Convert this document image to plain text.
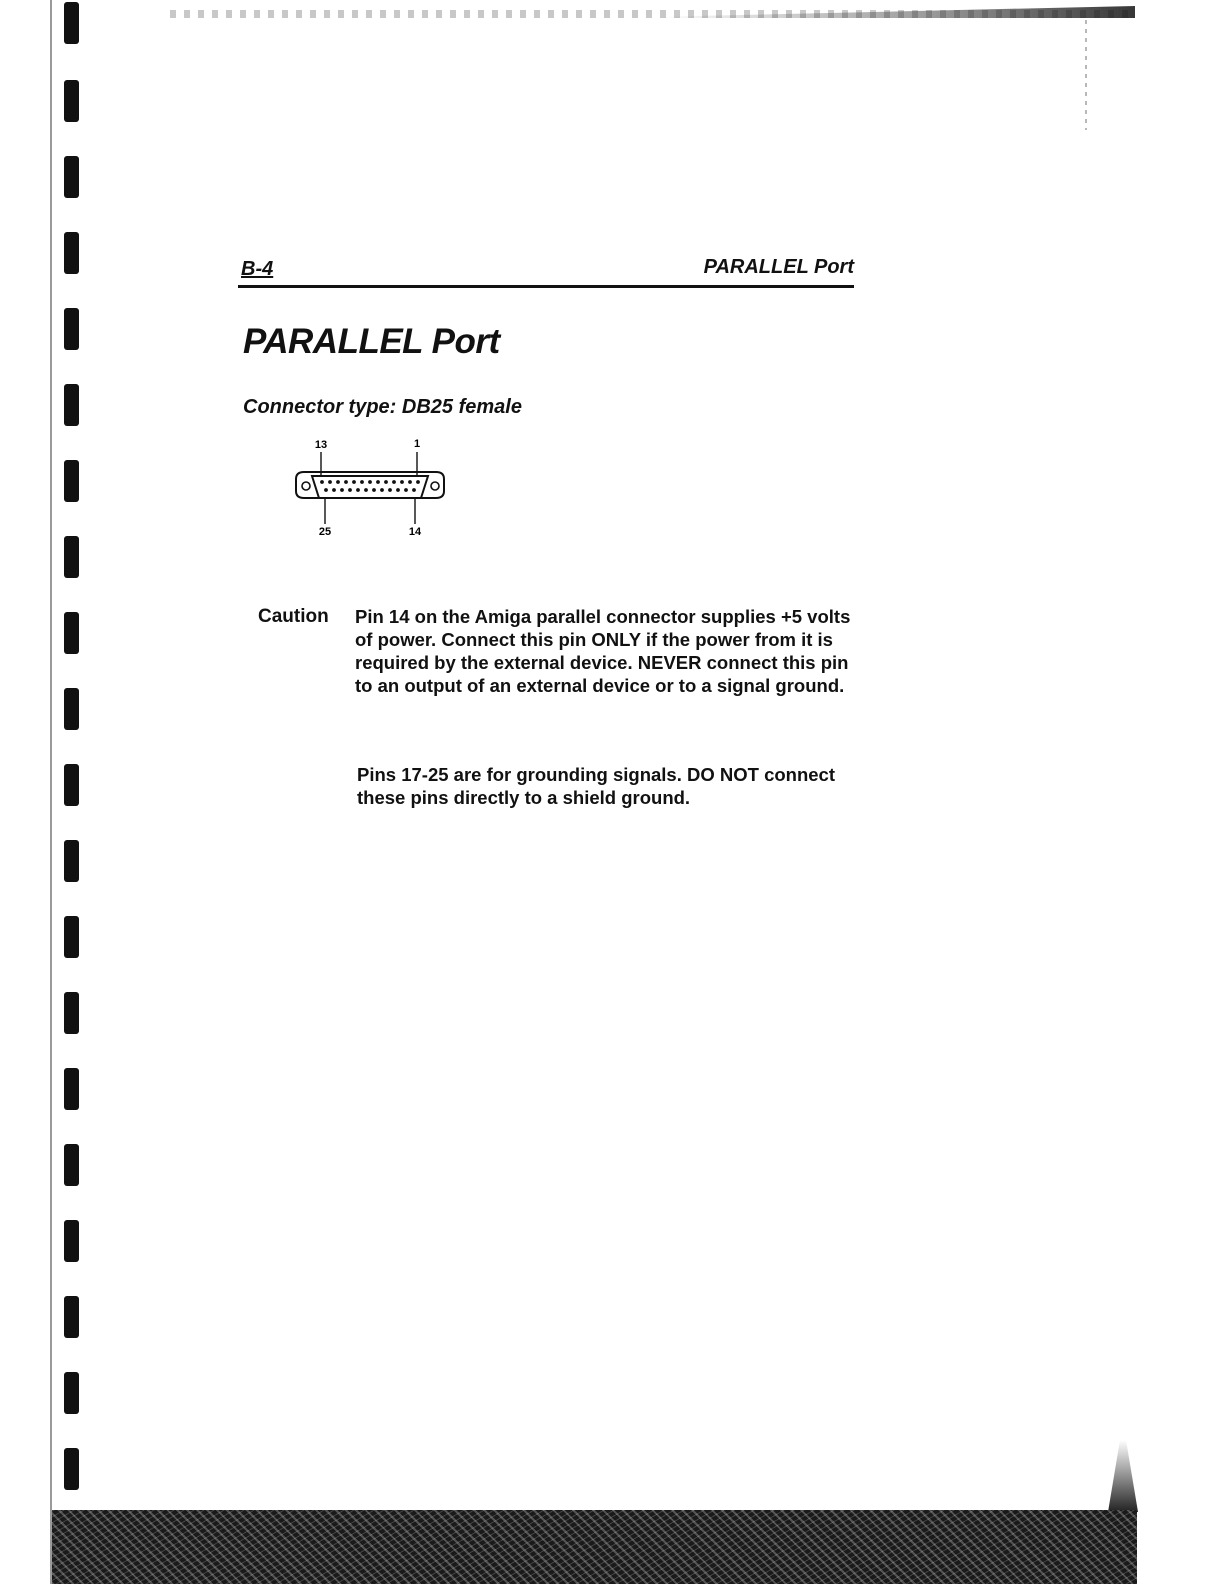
B-4	PARALLEL Port
PARALLEL Port

Connector type: DB25 female

13	1
25	14
Caution Pin 14 on the Amiga parallel connector supplies +5 volts of power. Connect this pin ONLY if the power from it is required by the external device. NEVER connect this pin to an output of an external device or to a signal ground.

Pins 17-25 are for grounding signals. DO NOT connect these pins directly to a shield ground.
